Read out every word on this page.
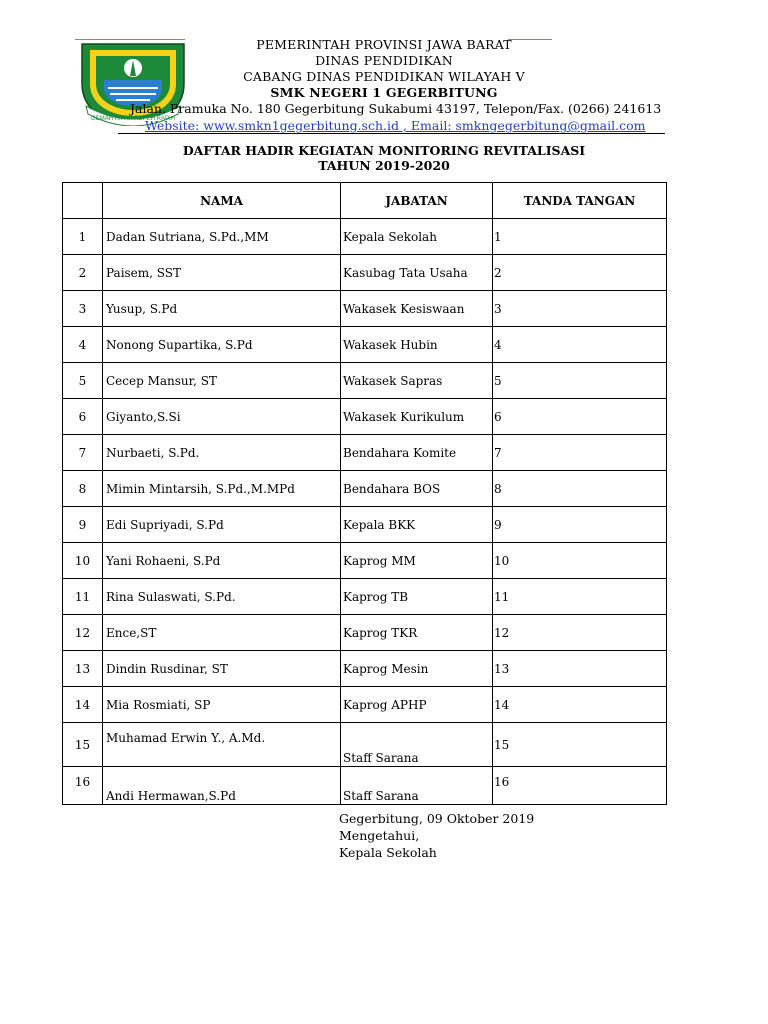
GEMAH RIPAH REPEH RAPIH
PEMERINTAH PROVINSI JAWA BARAT
DINAS PENDIDIKAN
CABANG DINAS PENDIDIKAN WILAYAH V
SMK NEGERI 1 GEGERBITUNG
Jalan. Pramuka No. 180 Gegerbitung Sukabumi 43197, Telepon/Fax. (0266) 241613
Website: www.smkn1gegerbitung.sch.id , Email: smkngegerbitung@gmail.com
DAFTAR HADIR KEGIATAN MONITORING REVITALISASI
TAHUN 2019-2020
	NAMA	JABATAN	TANDA TANGAN
1	Dadan Sutriana, S.Pd.,MM	Kepala Sekolah	1
2	Paisem, SST	Kasubag Tata Usaha	2
3	Yusup, S.Pd	Wakasek Kesiswaan	3
4	Nonong Supartika, S.Pd	Wakasek Hubin	4
5	Cecep Mansur, ST	Wakasek Sapras	5
6	Giyanto,S.Si	Wakasek Kurikulum	6
7	Nurbaeti, S.Pd.	Bendahara Komite	7
8	Mimin Mintarsih, S.Pd.,M.MPd	Bendahara BOS	8
9	Edi Supriyadi, S.Pd	Kepala BKK	9
10	Yani Rohaeni, S.Pd	Kaprog MM	10
11	Rina Sulaswati, S.Pd.	Kaprog TB	11
12	Ence,ST	Kaprog TKR	12
13	Dindin Rusdinar, ST	Kaprog Mesin	13
14	Mia Rosmiati, SP	Kaprog APHP	14
15	Muhamad Erwin Y., A.Md.	Staff Sarana	15
16	Andi Hermawan,S.Pd	Staff Sarana	16
Gegerbitung, 09 Oktober 2019
Mengetahui,
Kepala Sekolah
